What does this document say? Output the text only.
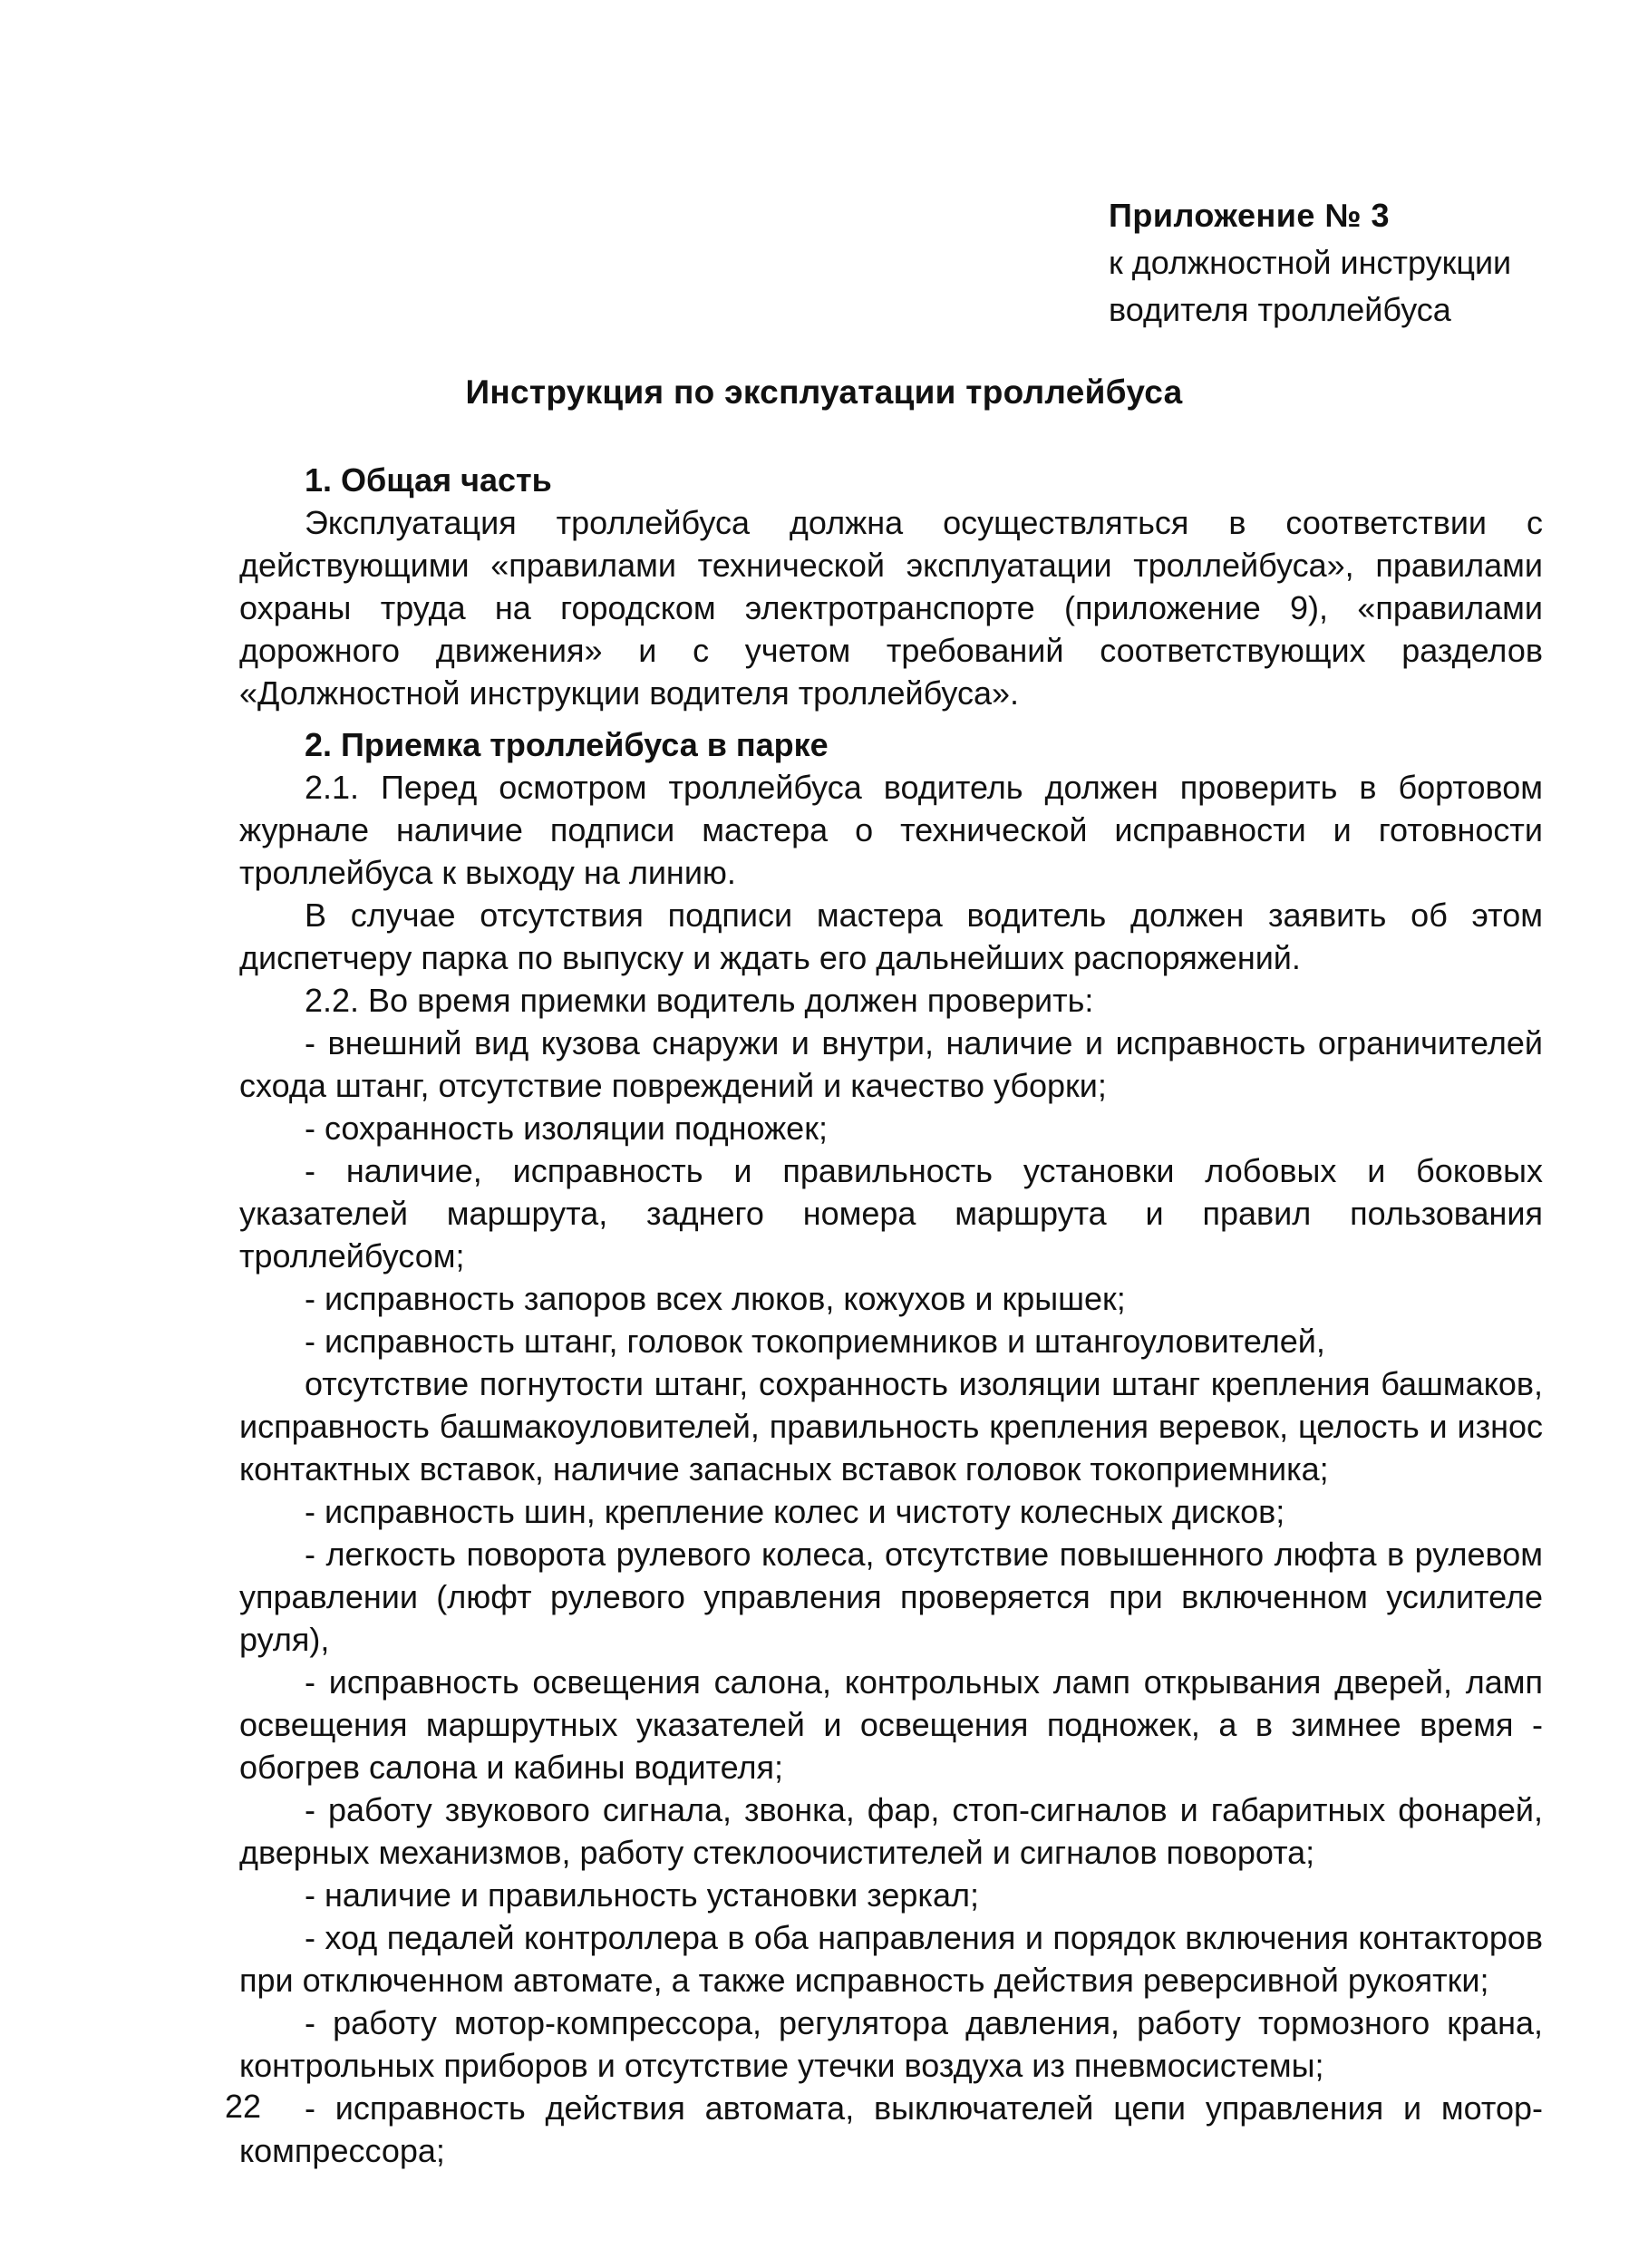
Приложение № 3
к должностной инструкции
водителя троллейбуса
Инструкция по эксплуатации троллейбуса

1. Общая часть

Эксплуатация троллейбуса должна осуществляться в соответствии с действующими «правилами технической эксплуатации троллейбуса», правилами охраны труда на городском электротранспорте (приложение 9), «правилами дорожного движения» и с учетом требований соответствующих разделов «Должностной инструкции водителя троллейбуса».

2. Приемка троллейбуса в парке

2.1. Перед осмотром троллейбуса водитель должен проверить в бортовом журнале наличие подписи мастера о технической исправности и готовности троллейбуса к выходу на линию.

В случае отсутствия подписи мастера водитель должен заявить об этом диспетчеру парка по выпуску и ждать его дальнейших распоряжений.

2.2. Во время приемки водитель должен проверить:

- внешний вид кузова снаружи и внутри, наличие и исправность ограничителей схода штанг, отсутствие повреждений и качество уборки;

- сохранность изоляции подножек;

- наличие, исправность и правильность установки лобовых и боковых указателей маршрута, заднего номера маршрута и правил пользования троллейбусом;

- исправность запоров всех люков, кожухов и крышек;

- исправность штанг, головок токоприемников и штангоуловителей,

отсутствие погнутости штанг, сохранность изоляции штанг крепления башмаков, исправность башмакоуловителей, правильность крепления веревок, целость и износ контактных вставок, наличие запасных вставок головок токоприемника;

- исправность шин, крепление колес и чистоту колесных дисков;

- легкость поворота рулевого колеса, отсутствие повышенного люфта в рулевом управлении (люфт рулевого управления проверяется при включенном усилителе руля),

- исправность освещения салона, контрольных ламп открывания дверей, ламп освещения маршрутных указателей и освещения подножек, а в зимнее время - обогрев салона и кабины водителя;

- работу звукового сигнала, звонка, фар, стоп-сигналов и габаритных фонарей, дверных механизмов, работу стеклоочистителей и сигналов поворота;

- наличие и правильность установки зеркал;

- ход педалей контроллера в оба направления и порядок включения контакторов при отключенном автомате, а также исправность действия реверсивной рукоятки;

- работу мотор-компрессора, регулятора давления, работу тормозного крана, контрольных приборов и отсутствие утечки воздуха из пневмосистемы;

- исправность действия автомата, выключателей цепи управления и мотор-компрессора;

22
